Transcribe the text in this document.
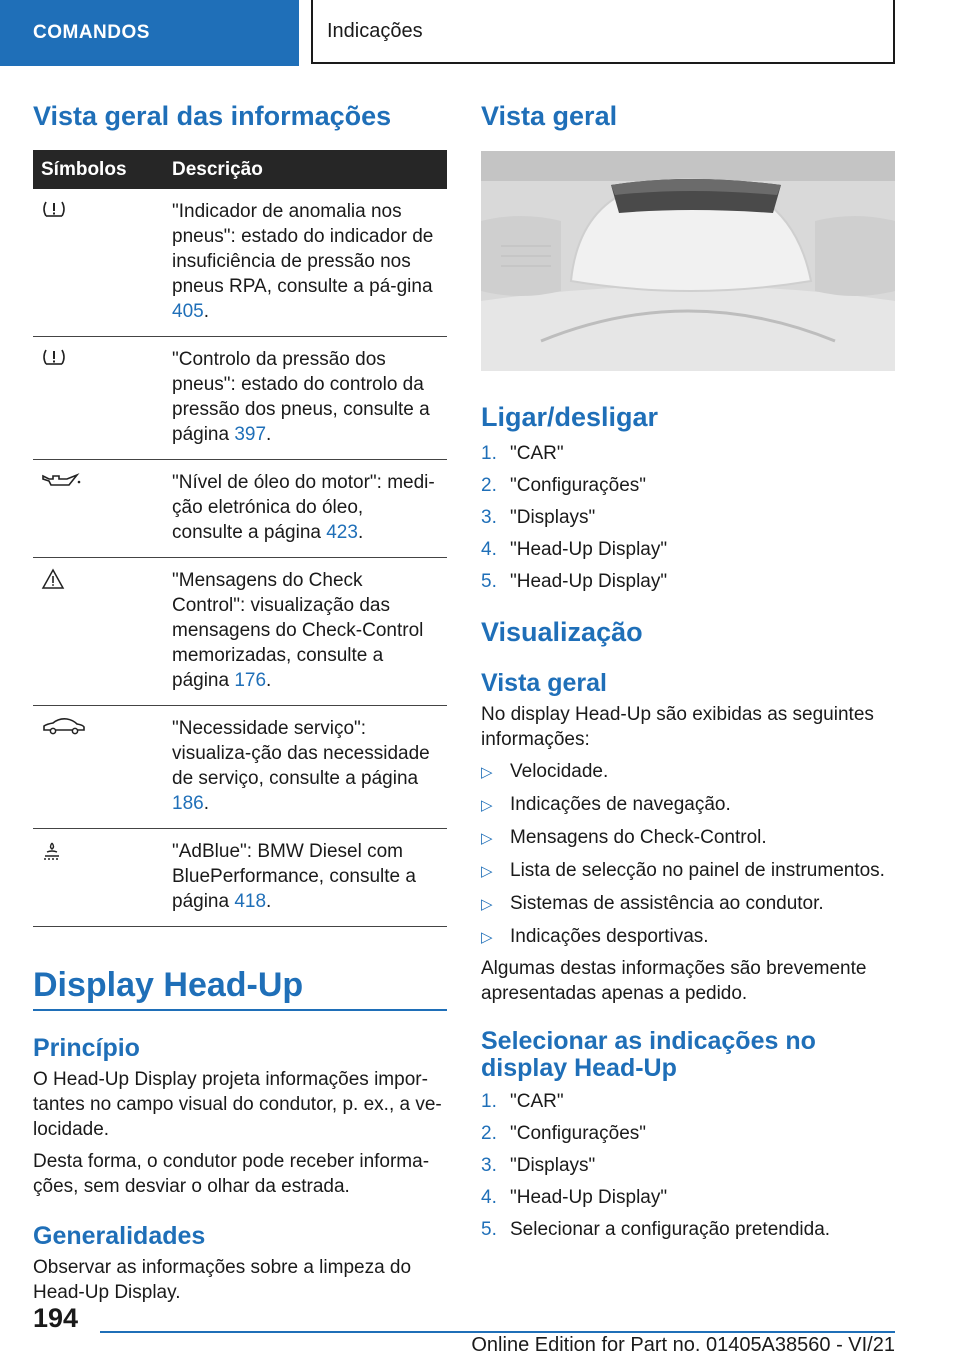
COMANDOS	Indicações
Vista geral das informações
Símbolos	Descrição
	"Indicador de anomalia nos pneus": estado do indicador de insuficiência de pressão nos pneus RPA, consulte a pá-gina 405.
	"Controlo da pressão dos pneus": estado do controlo da pressão dos pneus, consulte a página 397.
	"Nível de óleo do motor": medi-ção eletrónica do óleo, consulte a página 423.
	"Mensagens do Check Control": visualização das mensagens do Check-Control memorizadas, consulte a página 176.
	"Necessidade serviço": visualiza-ção das necessidade de serviço, consulte a página 186.
	"AdBlue": BMW Diesel com BluePerformance, consulte a página 418.
Display Head-Up
Princípio

O Head-Up Display projeta informações impor-tantes no campo visual do condutor, p. ex., a ve-locidade.

Desta forma, o condutor pode receber informa-ções, sem desviar o olhar da estrada.

Generalidades

Observar as informações sobre a limpeza do Head-Up Display.

Vista geral
Ligar/desligar
1. "CAR"
2. "Configurações"
3. "Displays"
4. "Head-Up Display"
5. "Head-Up Display"
Visualização
Vista geral

No display Head-Up são exibidas as seguintes informações:

▷ Velocidade.
▷ Indicações de navegação.
▷ Mensagens do Check-Control.
▷ Lista de selecção no painel de instrumentos.
▷ Sistemas de assistência ao condutor.
▷ Indicações desportivas.

Algumas destas informações são brevemente apresentadas apenas a pedido.

Selecionar as indicações no display Head-Up
1. "CAR"
2. "Configurações"
3. "Displays"
4. "Head-Up Display"
5. Selecionar a configuração pretendida.
194
Online Edition for Part no. 01405A38560 - VI/21
